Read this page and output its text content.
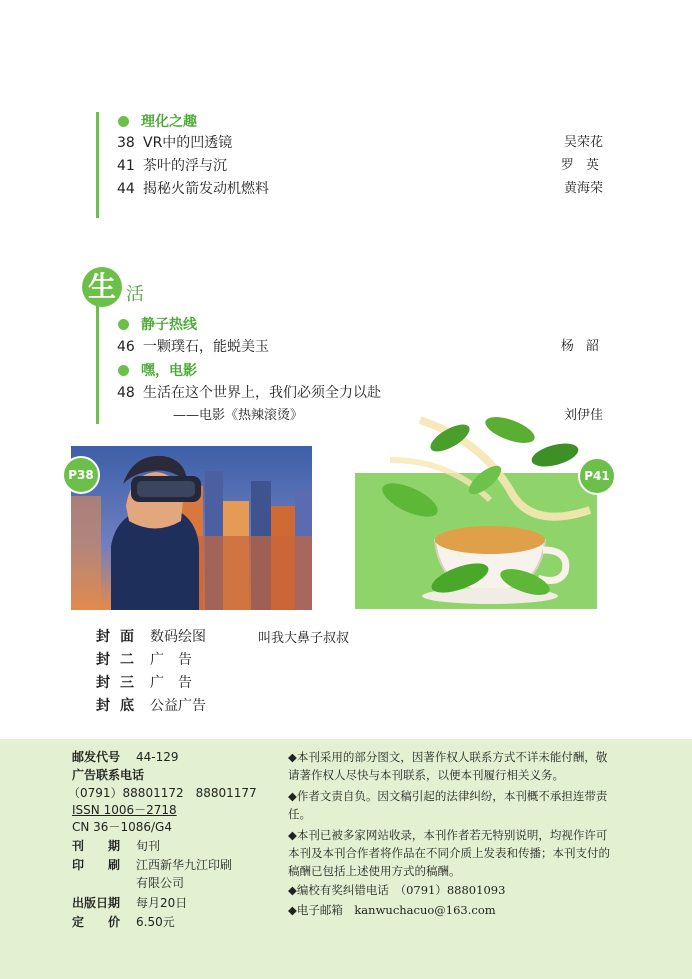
理化之趣
38 VR中的凹透镜	吴荣花
41 茶叶的浮与沉	罗 英
44 揭秘火箭发动机燃料	黄海荣
生 活
静子热线
46 一颗璞石，能蜕美玉	杨 韶
嘿，电影
48 生活在这个世界上，我们必须全力以赴
——电影《热辣滚烫》	刘伊佳
P38	P41
封面 数码绘图	叫我大鼻子叔叔
封二 广　告
封三 广　告
封底 公益广告
邮发代号 44-129
广告联系电话
（0791）88801172　88801177
ISSN 1006－2718
CN 36－1086/G4
刊　　期 旬刊
印　　刷 江西新华九江印刷
有限公司
出版日期 每月20日
定　　价 6.50元
◆本刊采用的部分图文，因著作权人联系方式不详未能付酬，敬请著作权人尽快与本刊联系，以便本刊履行相关义务。
◆作者文责自负。因文稿引起的法律纠纷，本刊概不承担连带责任。
◆本刊已被多家网站收录，本刊作者若无特别说明，均视作许可本刊及本刊合作者将作品在不同介质上发表和传播；本刊支付的稿酬已包括上述使用方式的稿酬。
◆编校有奖纠错电话　（0791）88801093
◆电子邮箱　kanwuchacuo@163.com
